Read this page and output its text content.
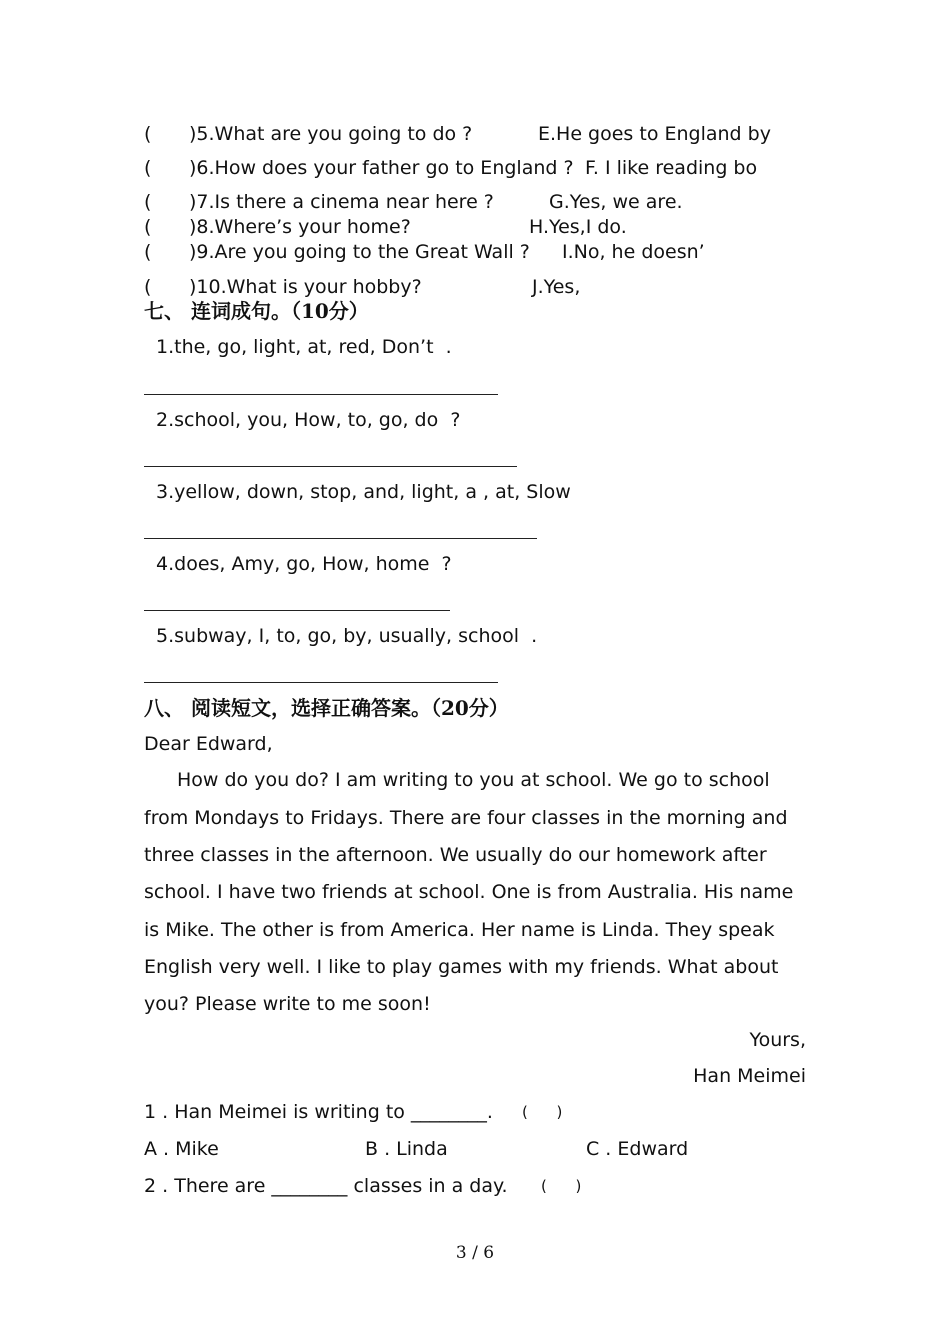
( )5.What are you going to do ?	E.He goes to England by
( )6.How does your father go to England ? F. I like reading bo
( )7.Is there a cinema near here ?	G.Yes, we are.
( )8.Where’s your home?	H.Yes,I do.
( )9.Are you going to the Great Wall ? I.No, he doesn’
( )10.What is your hobby?	J.Yes,
七、 连词成句。（10分）
1.the, go, light, at, red, Don’t  .
2.school, you, How, to, go, do  ?
3.yellow, down, stop, and, light, a , at, Slow
4.does, Amy, go, How, home  ?
5.subway, I, to, go, by, usually, school  .
八、 阅读短文，选择正确答案。（20分）
Dear Edward,
How do you do? I am writing to you at school. We go to school
from Mondays to Fridays. There are four classes in the morning and
three classes in the afternoon. We usually do our homework after
school. I have two friends at school. One is from Australia. His name
is Mike. The other is from America. Her name is Linda. They speak
English very well. I like to play games with my friends. What about
you? Please write to me soon!
Yours,
Han Meimei
1 . Han Meimei is writing to ________. (      )
A . Mike	B . Linda	C . Edward
2 . There are ________ classes in a day. (      )
3 / 6
